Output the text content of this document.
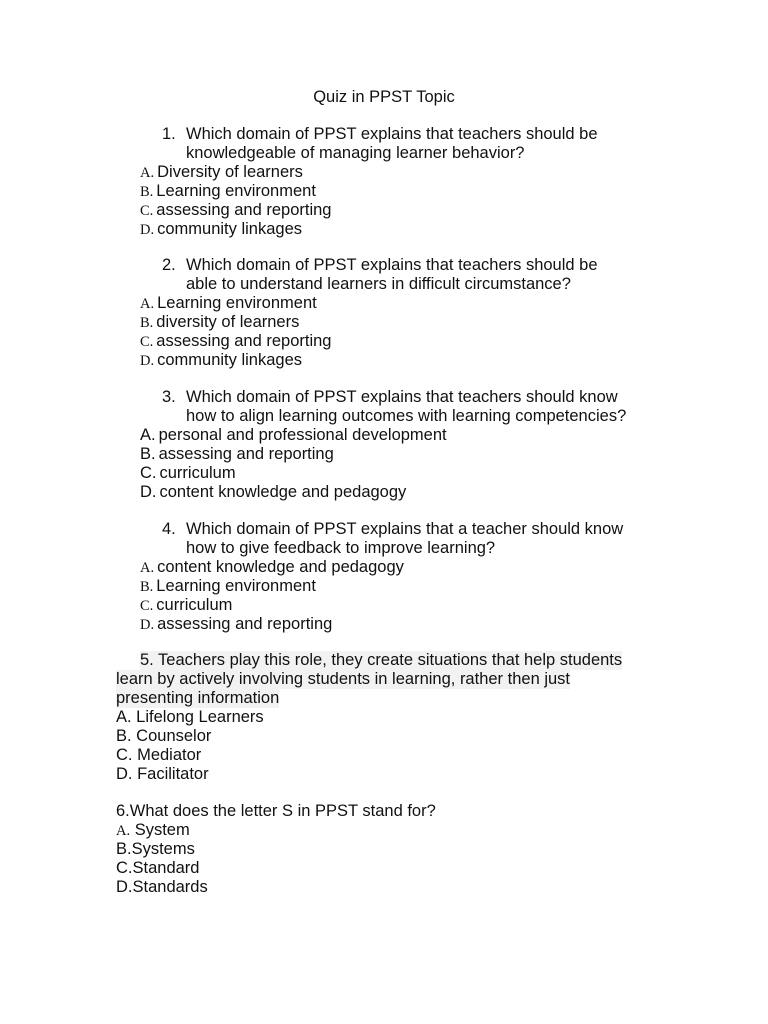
Quiz in PPST Topic
1. Which domain of PPST explains that teachers should be
knowledgeable of managing learner behavior?
A. Diversity of learners
B. Learning environment
C. assessing and reporting
D. community linkages
2. Which domain of PPST explains that teachers should be
able to understand learners in difficult circumstance?
A. Learning environment
B. diversity of learners
C. assessing and reporting
D. community linkages
3. Which domain of PPST explains that teachers should know
how to align learning outcomes with learning competencies?
A. personal and professional development
B. assessing and reporting
C. curriculum
D. content knowledge and pedagogy
4. Which domain of PPST explains that a teacher should know
how to give feedback to improve learning?
A. content knowledge and pedagogy
B. Learning environment
C. curriculum
D. assessing and reporting
5. Teachers play this role, they create situations that help students
learn by actively involving students in learning, rather then just
presenting information
A. Lifelong Learners
B. Counselor
C. Mediator
D. Facilitator
6.What does the letter S in PPST stand for?
A. System
B.Systems
C.Standard
D.Standards
